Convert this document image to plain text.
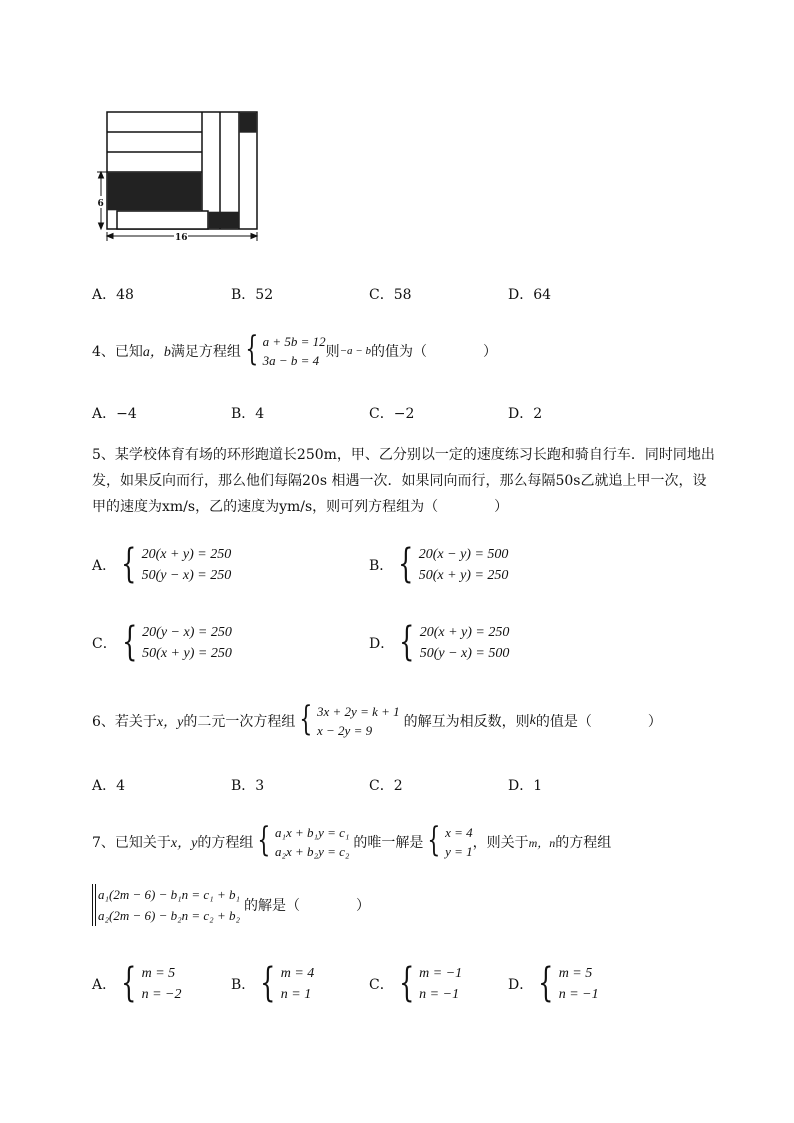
6
16
A．48	B．52	C．58	D．64
4、已知 a，b 满足方程组 { a + 5b = 12
3a − b = 4
则 −a − b 的值为（　　　　）
A．−4	B．4	C．−2	D．2
5、某学校体育有场的环形跑道长250m，甲、乙分别以一定的速度练习长跑和骑自行车．同时同地出
发，如果反向而行，那么他们每隔20s 相遇一次．如果同向而行，那么每隔50s乙就追上甲一次，设
甲的速度为xm/s，乙的速度为ym/s，则可列方程组为（　　　　）
A． { 20(x + y) = 250
50(y − x) = 250
B． { 20(x − y) = 500
50(x + y) = 250
C． { 20(y − x) = 250
50(x + y) = 250
D． { 20(x + y) = 250
50(y − x) = 500
6、若关于 x，y 的二元一次方程组 { 3x + 2y = k + 1
x − 2y = 9
的解互为相反数，则 k 的值是（　　　　）
A．4	B．3	C．2	D．1
7、已知关于 x，y 的方程组 { a₁x + b₁y = c₁
a₂x + b₂y = c₂
的唯一解是 { x = 4
y = 1
，则关于 m，n 的方程组
a₁(2m − 6) − b₁n = c₁ + b₁
a₂(2m − 6) − b₂n = c₂ + b₂
的解是（　　　　）
A． { m = 5
n = −2
B． { m = 4
n = 1
C． { m = −1
n = −1
D． { m = 5
n = −1
